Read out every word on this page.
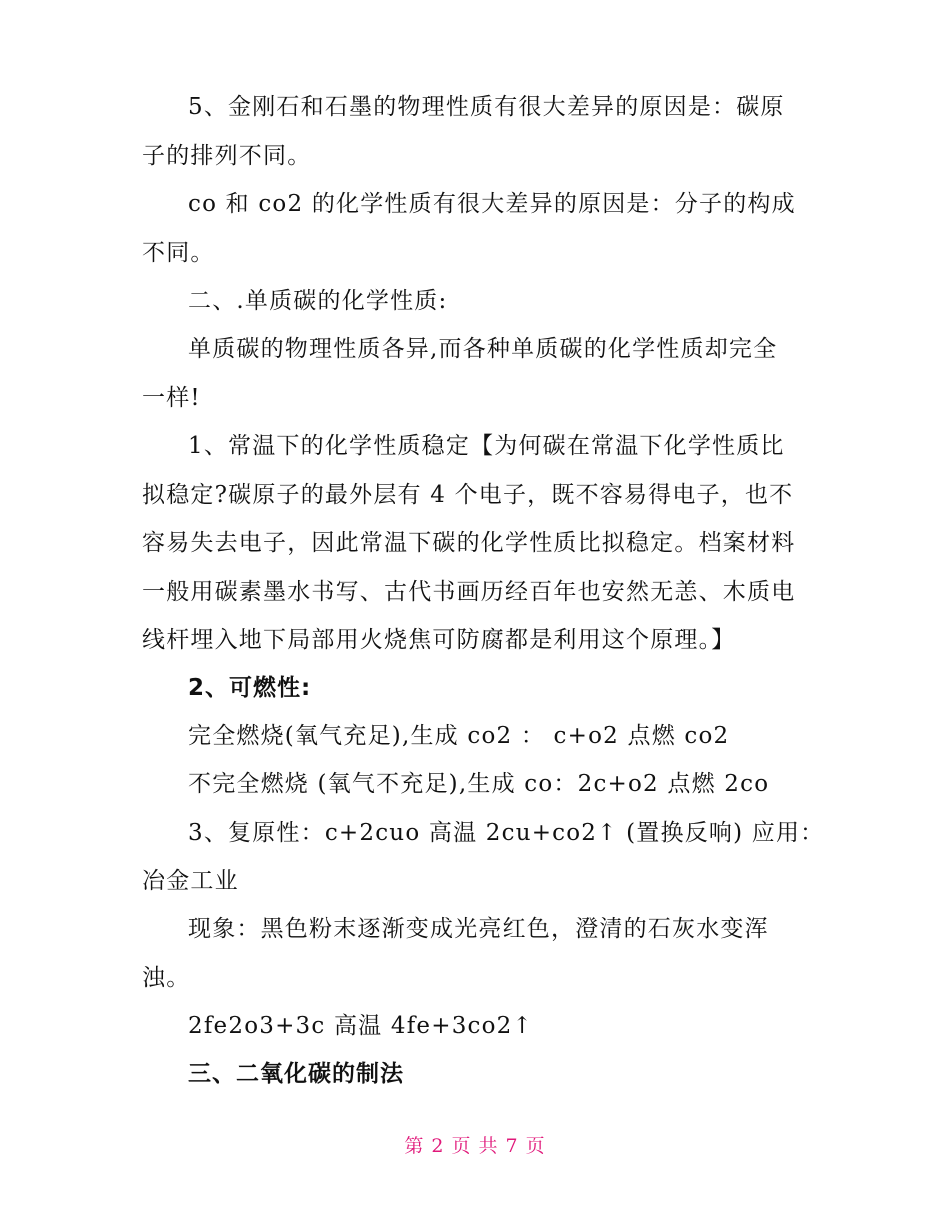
5、金刚石和石墨的物理性质有很大差异的原因是：碳原
子的排列不同。
co 和 co2 的化学性质有很大差异的原因是：分子的构成
不同。
二、.单质碳的化学性质:
单质碳的物理性质各异,而各种单质碳的化学性质却完全
一样!
1、常温下的化学性质稳定【为何碳在常温下化学性质比
拟稳定?碳原子的最外层有 4 个电子，既不容易得电子，也不
容易失去电子，因此常温下碳的化学性质比拟稳定。档案材料
一般用碳素墨水书写、古代书画历经百年也安然无恙、木质电
线杆埋入地下局部用火烧焦可防腐都是利用这个原理。】
2、可燃性:
完全燃烧(氧气充足),生成 co2 ： c+o2 点燃 co2
不完全燃烧 (氧气不充足),生成 co：2c+o2 点燃 2co
3、复原性：c+2cuo 高温 2cu+co2↑ (置换反响) 应用：
冶金工业
现象：黑色粉末逐渐变成光亮红色，澄清的石灰水变浑
浊。
2fe2o3+3c 高温 4fe+3co2↑
三、二氧化碳的制法
第 2 页 共 7 页
